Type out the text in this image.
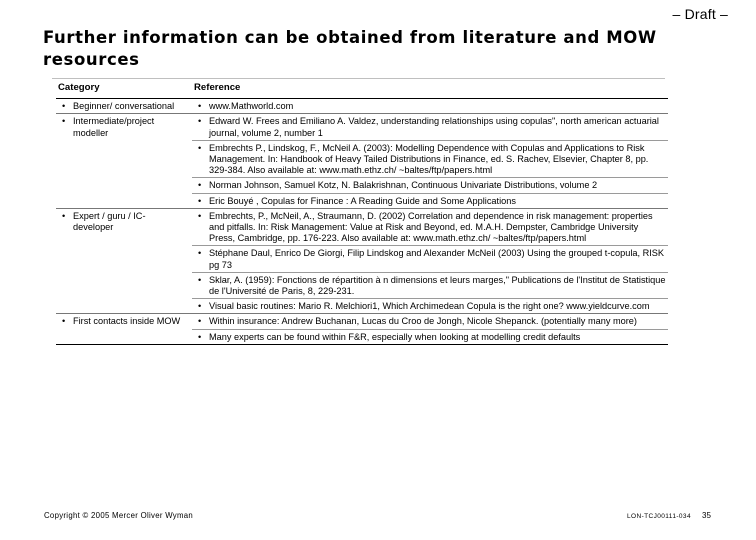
– Draft –
Further information can be obtained from literature and MOW resources
Category	Reference

• Beginner/ conversational	• www.Mathworld.com

• Intermediate/project modeller	• Edward W. Frees and Emiliano A. Valdez, understanding relationships using copulas", north american actuarial journal, volume 2, number 1

	• Embrechts P., Lindskog, F., McNeil A. (2003): Modelling Dependence with Copulas and Applications to Risk Management. In: Handbook of Heavy Tailed Distributions in Finance, ed. S. Rachev, Elsevier, Chapter 8, pp. 329-384. Also available at: www.math.ethz.ch/ ~baltes/ftp/papers.html

	• Norman Johnson, Samuel Kotz, N. Balakrishnan, Continuous Univariate Distributions, volume 2

	• Eric Bouyé , Copulas for Finance : A Reading Guide and Some Applications

• Expert / guru / IC-developer	• Embrechts, P., McNeil, A., Straumann, D. (2002) Correlation and dependence in risk management: properties and pitfalls. In: Risk Management: Value at Risk and Beyond, ed. M.A.H. Dempster, Cambridge University Press, Cambridge, pp. 176-223. Also available at: www.math.ethz.ch/ ~baltes/ftp/papers.html

	• Stéphane Daul, Enrico De Giorgi, Filip Lindskog and Alexander McNeil (2003) Using the grouped t-copula, RISK pg 73

	• Sklar, A. (1959): Fonctions de répartition à n dimensions et leurs marges," Publications de l'Institut de Statistique de l'Université de Paris, 8, 229-231.

	• Visual basic routines: Mario R. Melchiori1, Which Archimedean Copula is the right one? www.yieldcurve.com

• First contacts inside MOW	• Within insurance: Andrew Buchanan, Lucas du Croo de Jongh, Nicole Shepanck. (potentially many more)

	• Many experts can be found within F&R, especially when looking at modelling credit defaults
Copyright © 2005 Mercer Oliver Wyman	LON-TCJ00111-034 35
